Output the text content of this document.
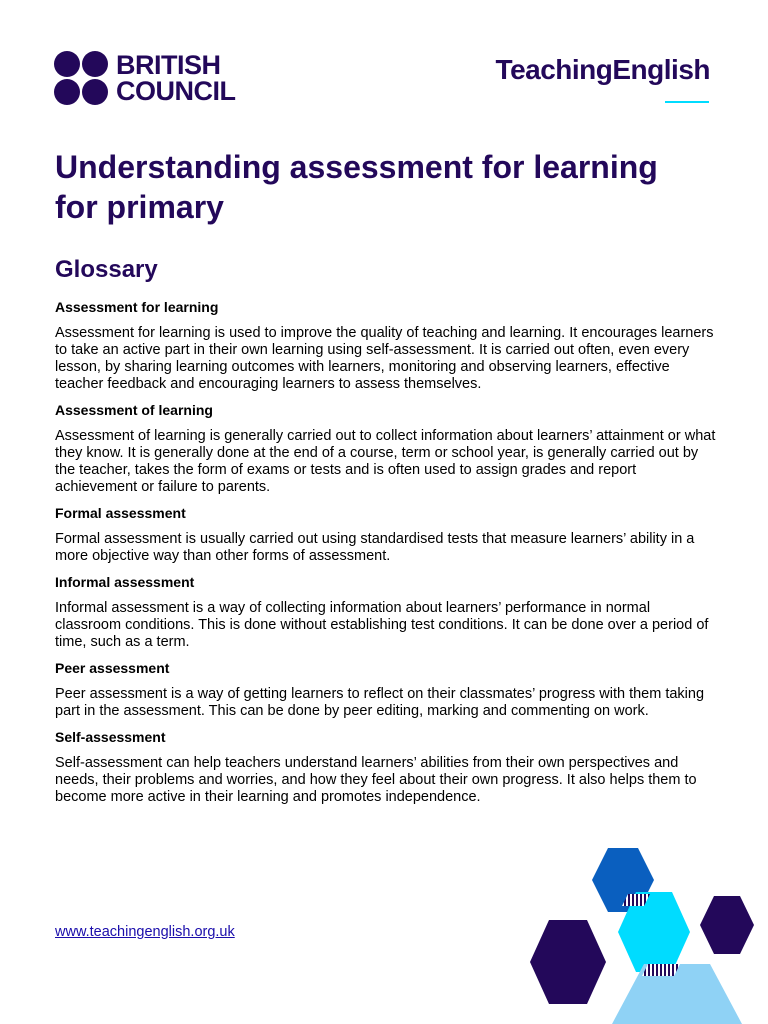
BRITISH
COUNCIL
TeachingEnglish
Understanding assessment for learning for primary
Glossary

Assessment for learning

Assessment for learning is used to improve the quality of teaching and learning. It encourages learners to take an active part in their own learning using self-assessment. It is carried out often, even every lesson, by sharing learning outcomes with learners, monitoring and observing learners, effective teacher feedback and encouraging learners to assess themselves.

Assessment of learning

Assessment of learning is generally carried out to collect information about learners’ attainment or what they know. It is generally done at the end of a course, term or school year, is generally carried out by the teacher, takes the form of exams or tests and is often used to assign grades and report achievement or failure to parents.

Formal assessment

Formal assessment is usually carried out using standardised tests that measure learners’ ability in a more objective way than other forms of assessment.

Informal assessment

Informal assessment is a way of collecting information about learners’ performance in normal classroom conditions. This is done without establishing test conditions. It can be done over a period of time, such as a term.

Peer assessment

Peer assessment is a way of getting learners to reflect on their classmates’ progress with them taking part in the assessment. This can be done by peer editing, marking and commenting on work.

Self-assessment

Self-assessment can help teachers understand learners’ abilities from their own perspectives and needs, their problems and worries, and how they feel about their own progress. It also helps them to become more active in their learning and promotes independence.

www.teachingenglish.org.uk
